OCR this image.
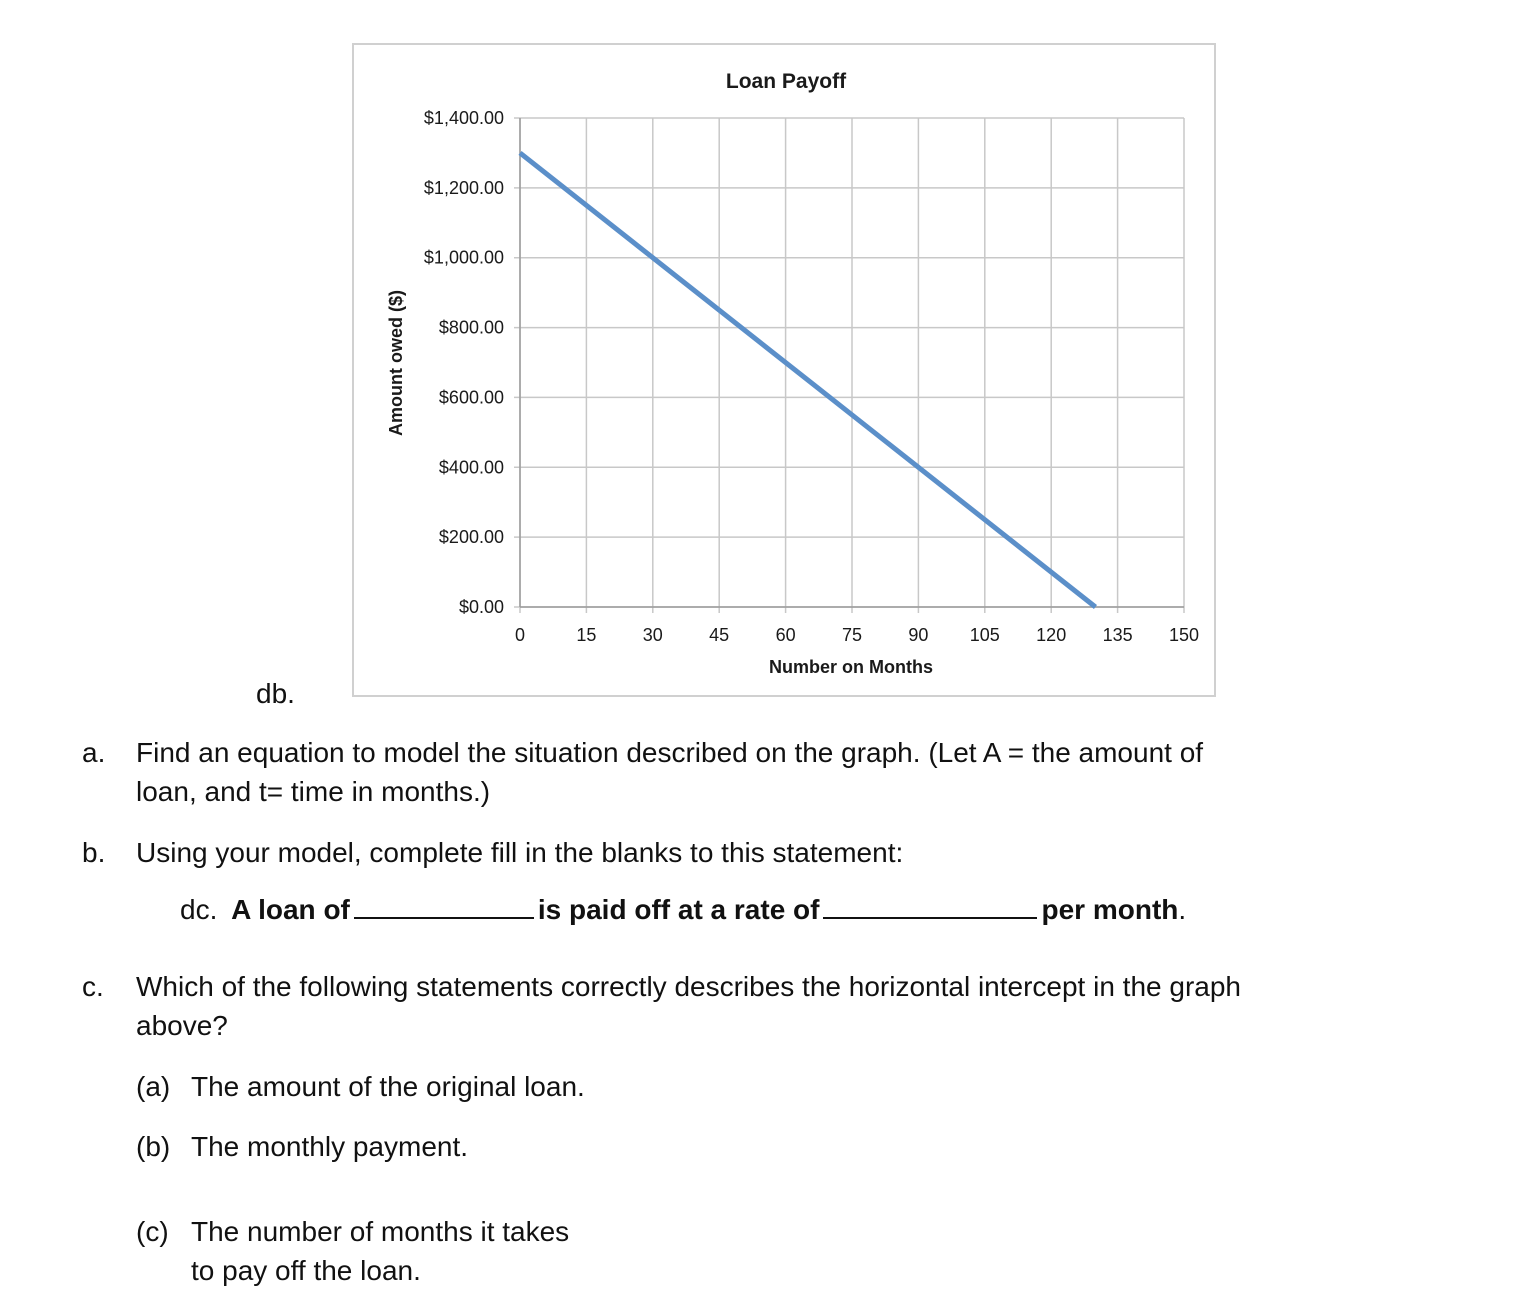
Loan Payoff
Amount owed ($)
Number on Months
0	15	30	45	60	75	90 105 120 135 150
$0.00
$200.00
$400.00
$600.00
$800.00
$1,000.00
$1,200.00
$1,400.00
db.
a. Find an equation to model the situation described on the graph. (Let A = the amount of
loan, and t= time in months.)
b. Using your model, complete fill in the blanks to this statement:
dc. A loan of	is paid off at a rate of	per month.
c. Which of the following statements correctly describes the horizontal intercept in the graph
above?
(a) The amount of the original loan.
(b) The monthly payment.
(c) The number of months it takes
to pay off the loan.
